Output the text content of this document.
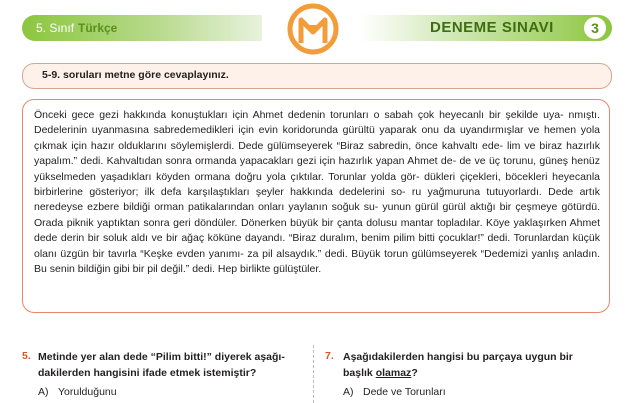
5. Sınıf Türkçe	DENEME SINAVI	3
5-9. soruları metne göre cevaplayınız.

Önceki gece gezi hakkında konuştukları için Ahmet dedenin torunları o sabah çok heyecanlı bir şekilde uya- nmıştı. Dedelerinin uyanmasına sabredemedikleri için evin koridorunda gürültü yaparak onu da uyandırmışlar ve hemen yola çıkmak için hazır olduklarını söylemişlerdi. Dede gülümseyerek “Biraz sabredin, önce kahvaltı ede- lim ve biraz hazırlık yapalım.” dedi. Kahvaltıdan sonra ormanda yapacakları gezi için hazırlık yapan Ahmet de- de ve üç torunu, güneş henüz yükselmeden yaşadıkları köyden ormana doğru yola çıktılar. Torunlar yolda gör- dükleri çiçekleri, böcekleri heyecanla birbirlerine gösteriyor; ilk defa karşılaştıkları şeyler hakkında dedelerini so- ru yağmuruna tutuyorlardı. Dede artık neredeyse ezbere bildiği orman patikalarından onları yaylanın soğuk su- yunun gürül gürül aktığı bir çeşmeye götürdü. Orada piknik yaptıktan sonra geri döndüler. Dönerken büyük bir çanta dolusu mantar topladılar. Köye yaklaşırken Ahmet dede derin bir soluk aldı ve bir ağaç köküne dayandı. “Biraz duralım, benim pilim bitti çocuklar!” dedi. Torunlardan küçük olanı üzgün bir tavırla “Keşke evden yanımı- za pil alsaydık.” dedi. Büyük torun gülümseyerek “Dedemizi yanlış anladın. Bu senin bildiğin gibi bir pil değil.” dedi. Hep birlikte gülüştüler.

5. Metinde yer alan dede “Pilim bitti!” diyerek aşağı-
dakilerden hangisini ifade etmek istemiştir?
A) Yorulduğunu
7. Aşağıdakilerden hangisi bu parçaya uygun bir
başlık olamaz?
A) Dede ve Torunları
